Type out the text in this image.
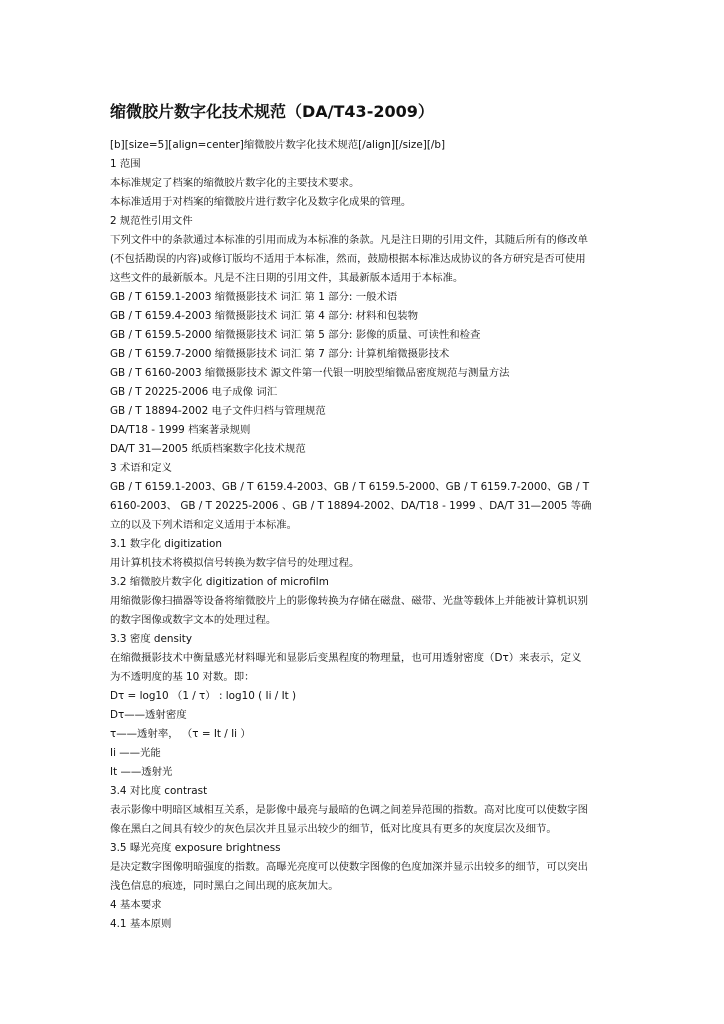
缩微胶片数字化技术规范（DA/T43-2009）

[b][size=5][align=center]缩微胶片数字化技术规范[/align][/size][/b]

1 范围

本标准规定了档案的缩微胶片数字化的主要技术要求。

本标准适用于对档案的缩微胶片进行数字化及数字化成果的管理。

2 规范性引用文件

下列文件中的条款通过本标准的引用而成为本标准的条款。凡是注日期的引用文件，其随后所有的修改单

(不包括勘误的内容)或修订版均不适用于本标准，然而，鼓励根据本标准达成协议的各方研究是否可使用

这些文件的最新版本。凡是不注日期的引用文件，其最新版本适用于本标准。

GB / T 6159.1-2003 缩微摄影技术 词汇 第 1 部分: 一般术语

GB / T 6159.4-2003 缩微摄影技术 词汇 第 4 部分: 材料和包装物

GB / T 6159.5-2000 缩微摄影技术 词汇 第 5 部分: 影像的质量、可读性和检查

GB / T 6159.7-2000 缩微摄影技术 词汇 第 7 部分: 计算机缩微摄影技术

GB / T 6160-2003 缩微摄影技术 源文件第一代银一明胶型缩微品密度规范与测量方法

GB / T 20225-2006 电子成像 词汇

GB / T 18894-2002 电子文件归档与管理规范

DA/T18 - 1999 档案著录规则

DA/T 31—2005 纸质档案数字化技术规范

3 术语和定义

GB / T 6159.1-2003、GB / T 6159.4-2003、GB / T 6159.5-2000、GB / T 6159.7-2000、GB / T

6160-2003、 GB / T 20225-2006 、GB / T 18894-2002、DA/T18 - 1999 、DA/T 31—2005 等确

立的以及下列术语和定义适用于本标准。

3.1 数字化 digitization

用计算机技术将模拟信号转换为数字信号的处理过程。

3.2 缩微胶片数字化 digitization of microfilm

用缩微影像扫描器等设备将缩微胶片上的影像转换为存储在磁盘、磁带、光盘等载体上并能被计算机识别

的数字图像或数字文本的处理过程。

3.3 密度 density

在缩微摄影技术中衡量感光材料曝光和显影后变黑程度的物理量，也可用透射密度（Dτ）来表示，定义

为不透明度的基 10 对数。即：

Dτ = log10 （1 / τ） : log10 ( Ii / It )

Dτ——透射密度

τ——透射率， （τ = It / Ii ）

Ii ——光能

It ——透射光

3.4 对比度 contrast

表示影像中明暗区域相互关系，是影像中最亮与最暗的色调之间差异范围的指数。高对比度可以使数字图

像在黑白之间具有较少的灰色层次并且显示出较少的细节，低对比度具有更多的灰度层次及细节。

3.5 曝光亮度 exposure brightness

是决定数字图像明暗强度的指数。高曝光亮度可以使数字图像的色度加深并显示出较多的细节，可以突出

浅色信息的痕迹，同时黑白之间出现的底灰加大。

4 基本要求

4.1 基本原则
